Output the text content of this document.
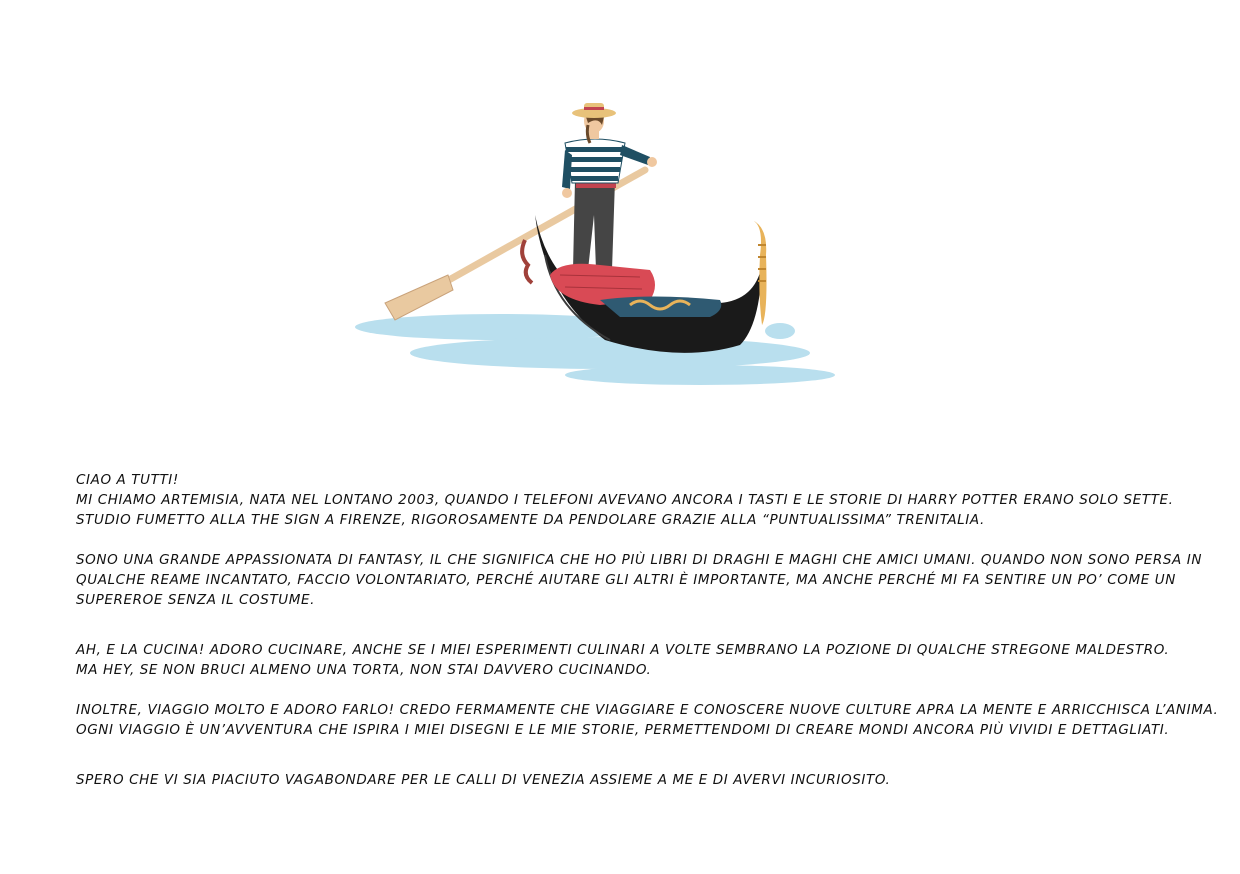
CIAO A TUTTI!

MI CHIAMO ARTEMISIA, NATA NEL LONTANO 2003, QUANDO I TELEFONI AVEVANO ANCORA I TASTI E LE STORIE DI HARRY POTTER ERANO SOLO SETTE.

STUDIO FUMETTO ALLA THE SIGN A FIRENZE, RIGOROSAMENTE DA PENDOLARE GRAZIE ALLA “PUNTUALISSIMA” TRENITALIA.

SONO UNA GRANDE APPASSIONATA DI FANTASY, IL CHE SIGNIFICA CHE HO PIÙ LIBRI DI DRAGHI E MAGHI CHE AMICI UMANI. QUANDO NON SONO PERSA IN

QUALCHE REAME INCANTATO, FACCIO VOLONTARIATO, PERCHÉ AIUTARE GLI ALTRI È IMPORTANTE, MA ANCHE PERCHÉ MI FA SENTIRE UN PO’ COME UN

SUPEREROE SENZA IL COSTUME.

AH, E LA CUCINA! ADORO CUCINARE, ANCHE SE I MIEI ESPERIMENTI CULINARI A VOLTE SEMBRANO LA POZIONE DI QUALCHE STREGONE MALDESTRO.

MA HEY, SE NON BRUCI ALMENO UNA TORTA, NON STAI DAVVERO CUCINANDO.

INOLTRE, VIAGGIO MOLTO E ADORO FARLO! CREDO FERMAMENTE CHE VIAGGIARE E CONOSCERE NUOVE CULTURE APRA LA MENTE E ARRICCHISCA L’ANIMA.

OGNI VIAGGIO È UN’AVVENTURA CHE ISPIRA I MIEI DISEGNI E LE MIE STORIE, PERMETTENDOMI DI CREARE MONDI ANCORA PIÙ VIVIDI E DETTAGLIATI.

SPERO CHE VI SIA PIACIUTO VAGABONDARE PER LE CALLI DI VENEZIA ASSIEME A ME E DI AVERVI INCURIOSITO.
